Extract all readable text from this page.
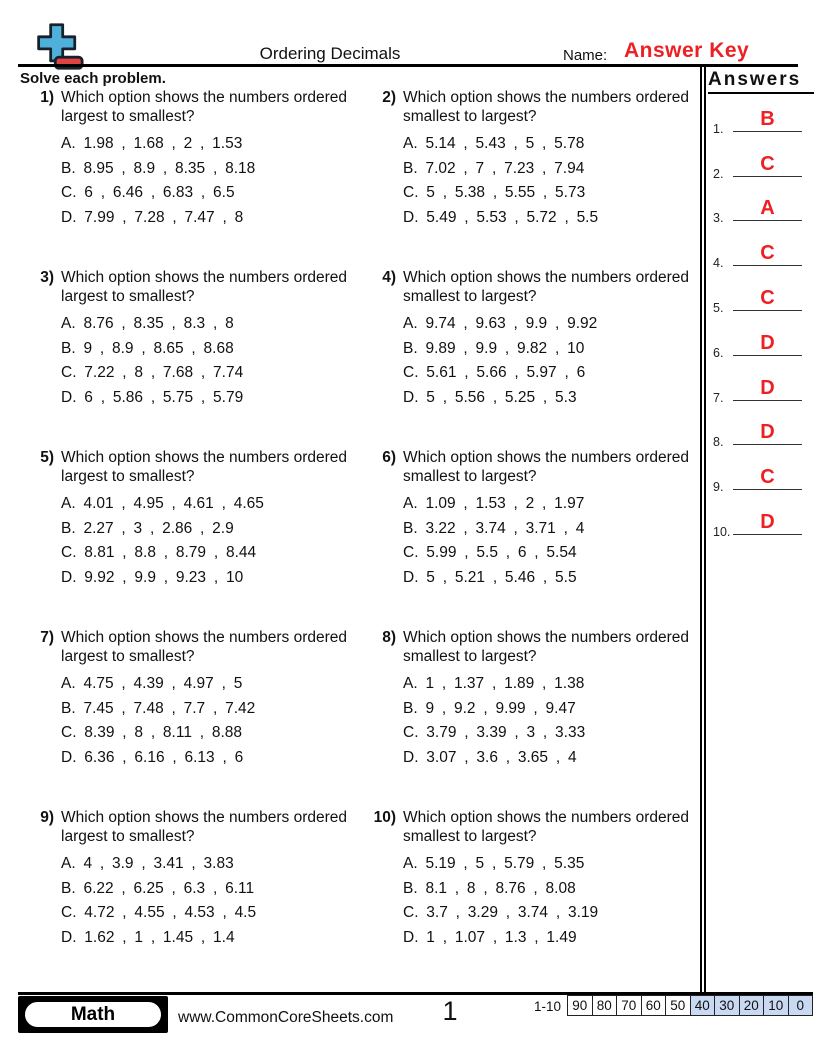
Ordering Decimals	Name: Answer Key
Solve each problem.	Answers
1.	B
2.	C
3.	A
4.	C
5.	C
6.	D
7.	D
8.	D
9.	C
10.	D
1) Which option shows the numbers ordered largest to smallest?
A. 1.98 , 1.68 , 2 , 1.53
B. 8.95 , 8.9 , 8.35 , 8.18
C. 6 , 6.46 , 6.83 , 6.5
D. 7.99 , 7.28 , 7.47 , 8
2) Which option shows the numbers ordered smallest to largest?
A. 5.14 , 5.43 , 5 , 5.78
B. 7.02 , 7 , 7.23 , 7.94
C. 5 , 5.38 , 5.55 , 5.73
D. 5.49 , 5.53 , 5.72 , 5.5
3) Which option shows the numbers ordered largest to smallest?
A. 8.76 , 8.35 , 8.3 , 8
B. 9 , 8.9 , 8.65 , 8.68
C. 7.22 , 8 , 7.68 , 7.74
D. 6 , 5.86 , 5.75 , 5.79
4) Which option shows the numbers ordered smallest to largest?
A. 9.74 , 9.63 , 9.9 , 9.92
B. 9.89 , 9.9 , 9.82 , 10
C. 5.61 , 5.66 , 5.97 , 6
D. 5 , 5.56 , 5.25 , 5.3
5) Which option shows the numbers ordered largest to smallest?
A. 4.01 , 4.95 , 4.61 , 4.65
B. 2.27 , 3 , 2.86 , 2.9
C. 8.81 , 8.8 , 8.79 , 8.44
D. 9.92 , 9.9 , 9.23 , 10
6) Which option shows the numbers ordered smallest to largest?
A. 1.09 , 1.53 , 2 , 1.97
B. 3.22 , 3.74 , 3.71 , 4
C. 5.99 , 5.5 , 6 , 5.54
D. 5 , 5.21 , 5.46 , 5.5
7) Which option shows the numbers ordered largest to smallest?
A. 4.75 , 4.39 , 4.97 , 5
B. 7.45 , 7.48 , 7.7 , 7.42
C. 8.39 , 8 , 8.11 , 8.88
D. 6.36 , 6.16 , 6.13 , 6
8) Which option shows the numbers ordered smallest to largest?
A. 1 , 1.37 , 1.89 , 1.38
B. 9 , 9.2 , 9.99 , 9.47
C. 3.79 , 3.39 , 3 , 3.33
D. 3.07 , 3.6 , 3.65 , 4
9) Which option shows the numbers ordered largest to smallest?
A. 4 , 3.9 , 3.41 , 3.83
B. 6.22 , 6.25 , 6.3 , 6.11
C. 4.72 , 4.55 , 4.53 , 4.5
D. 1.62 , 1 , 1.45 , 1.4
10) Which option shows the numbers ordered smallest to largest?
A. 5.19 , 5 , 5.79 , 5.35
B. 8.1 , 8 , 8.76 , 8.08
C. 3.7 , 3.29 , 3.74 , 3.19
D. 1 , 1.07 , 1.3 , 1.49
Math	www.CommonCoreSheets.com	1	1-10 90 80 70 60 50 40 30 20 10 0
